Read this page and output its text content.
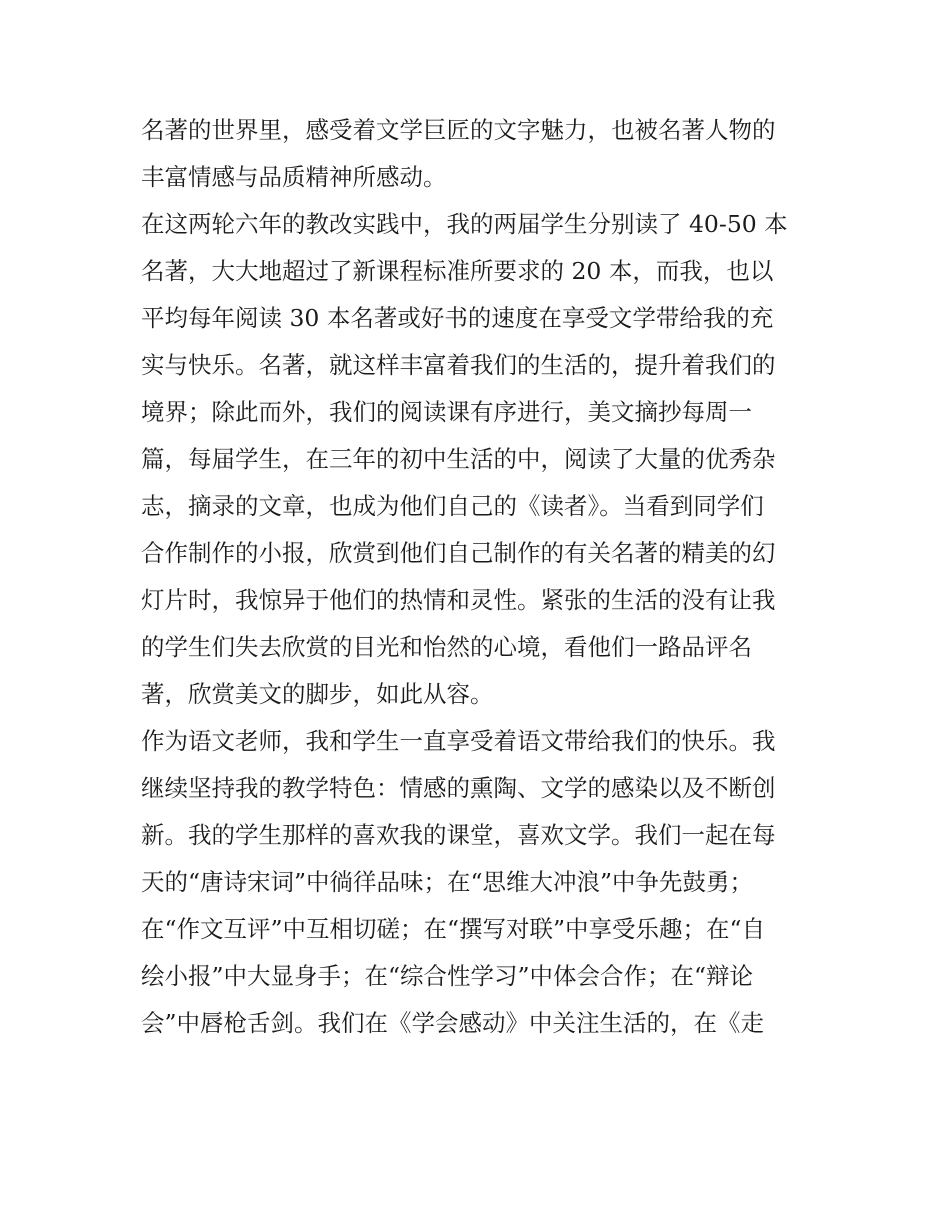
名著的世界里，感受着文学巨匠的文字魅力，也被名著人物的
丰富情感与品质精神所感动。
在这两轮六年的教改实践中，我的两届学生分别读了 40-50 本
名著，大大地超过了新课程标准所要求的 20 本，而我，也以
平均每年阅读 30 本名著或好书的速度在享受文学带给我的充
实与快乐。名著，就这样丰富着我们的生活的，提升着我们的
境界；除此而外，我们的阅读课有序进行，美文摘抄每周一
篇，每届学生，在三年的初中生活的中，阅读了大量的优秀杂
志，摘录的文章，也成为他们自己的《读者》。当看到同学们
合作制作的小报，欣赏到他们自己制作的有关名著的精美的幻
灯片时，我惊异于他们的热情和灵性。紧张的生活的没有让我
的学生们失去欣赏的目光和怡然的心境，看他们一路品评名
著，欣赏美文的脚步，如此从容。
作为语文老师，我和学生一直享受着语文带给我们的快乐。我
继续坚持我的教学特色：情感的熏陶、文学的感染以及不断创
新。我的学生那样的喜欢我的课堂，喜欢文学。我们一起在每
天的“唐诗宋词”中徜徉品味；在“思维大冲浪”中争先鼓勇；
在“作文互评”中互相切磋；在“撰写对联”中享受乐趣；在“自
绘小报”中大显身手；在“综合性学习”中体会合作；在“辩论
会”中唇枪舌剑。我们在《学会感动》中关注生活的，在《走
